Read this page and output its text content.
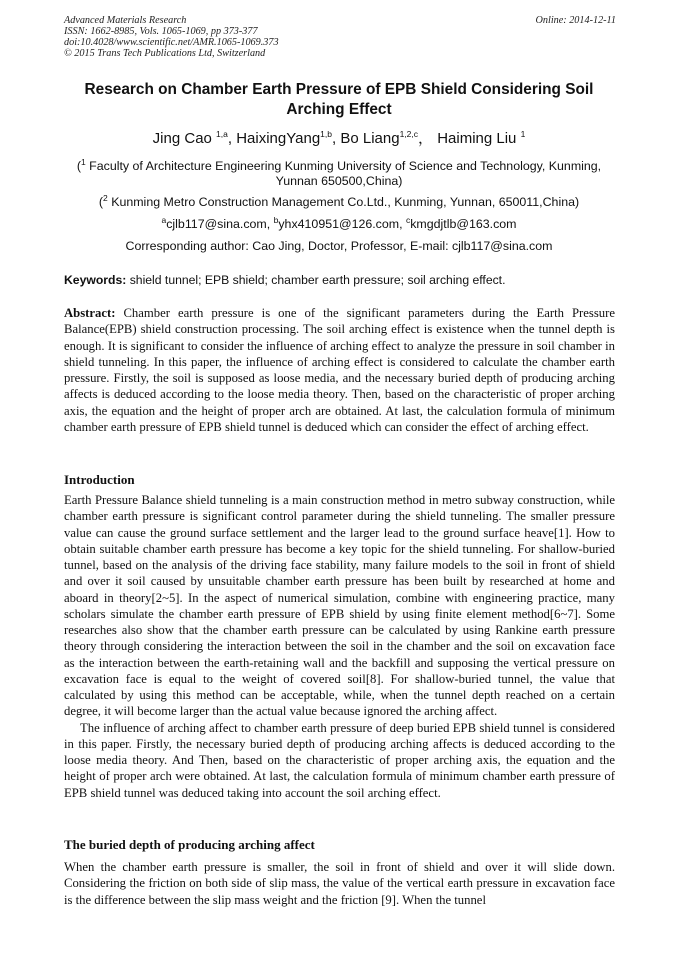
Advanced Materials Research
ISSN: 1662-8985, Vols. 1065-1069, pp 373-377
doi:10.4028/www.scientific.net/AMR.1065-1069.373
© 2015 Trans Tech Publications Ltd, Switzerland
Online: 2014-12-11
Research on Chamber Earth Pressure of EPB Shield Considering Soil Arching Effect
Jing Cao $^{1,a}$, HaixingYang$^{1,b}$, Bo Liang$^{1,2,c}$， Haiming Liu $^1$
($^1$ Faculty of Architecture Engineering Kunming University of Science and Technology, Kunming, Yunnan 650500,China)
($^2$ Kunming Metro Construction Management Co.Ltd., Kunming, Yunnan, 650011,China)
$^a$cjlb117@sina.com, $^b$yhx410951@126.com, $^c$kmgdjtlb@163.com
Corresponding author: Cao Jing, Doctor, Professor, E-mail: cjlb117@sina.com
Keywords: shield tunnel; EPB shield; chamber earth pressure; soil arching effect.

Abstract: Chamber earth pressure is one of the significant parameters during the Earth Pressure Balance(EPB) shield construction processing. The soil arching effect is existence when the tunnel depth is enough. It is significant to consider the influence of arching effect to analyze the pressure in soil chamber in shield tunneling. In this paper, the influence of arching effect is considered to calculate the chamber earth pressure. Firstly, the soil is supposed as loose media, and the necessary buried depth of producing arching affects is deduced according to the loose media theory. Then, based on the characteristic of proper arching axis, the equation and the height of proper arch are obtained. At last, the calculation formula of minimum chamber earth pressure of EPB shield tunnel is deduced which can consider the effect of arching effect.

Introduction

Earth Pressure Balance shield tunneling is a main construction method in metro subway construction, while chamber earth pressure is significant control parameter during the shield tunneling. The smaller pressure value can cause the ground surface settlement and the larger lead to the ground surface heave[1]. How to obtain suitable chamber earth pressure has become a key topic for the shield tunneling. For shallow-buried tunnel, based on the analysis of the driving face stability, many failure models to the soil in front of shield and over it soil caused by unsuitable chamber earth pressure has been built by researched at home and aboard in theory[2~5]. In the aspect of numerical simulation, combine with engineering practice, many scholars simulate the chamber earth pressure of EPB shield by using finite element method[6~7]. Some researches also show that the chamber earth pressure can be calculated by using Rankine earth pressure theory through considering the interaction between the soil in the chamber and the soil on excavation face as the interaction between the earth-retaining wall and the backfill and supposing the vertical pressure on excavation face is equal to the weight of covered soil[8]. For shallow-buried tunnel, the value that calculated by using this method can be acceptable, while, when the tunnel depth reached on a certain degree, it will become larger than the actual value because ignored the arching affect.

The influence of arching affect to chamber earth pressure of deep buried EPB shield tunnel is considered in this paper. Firstly, the necessary buried depth of producing arching affects is deduced according to the loose media theory. And Then, based on the characteristic of proper arching axis, the equation and the height of proper arch were obtained. At last, the calculation formula of minimum chamber earth pressure of EPB shield tunnel was deduced taking into account the soil arching effect.

The buried depth of producing arching affect

When the chamber earth pressure is smaller, the soil in front of shield and over it will slide down. Considering the friction on both side of slip mass, the value of the vertical earth pressure in excavation face is the difference between the slip mass weight and the friction [9]. When the tunnel
